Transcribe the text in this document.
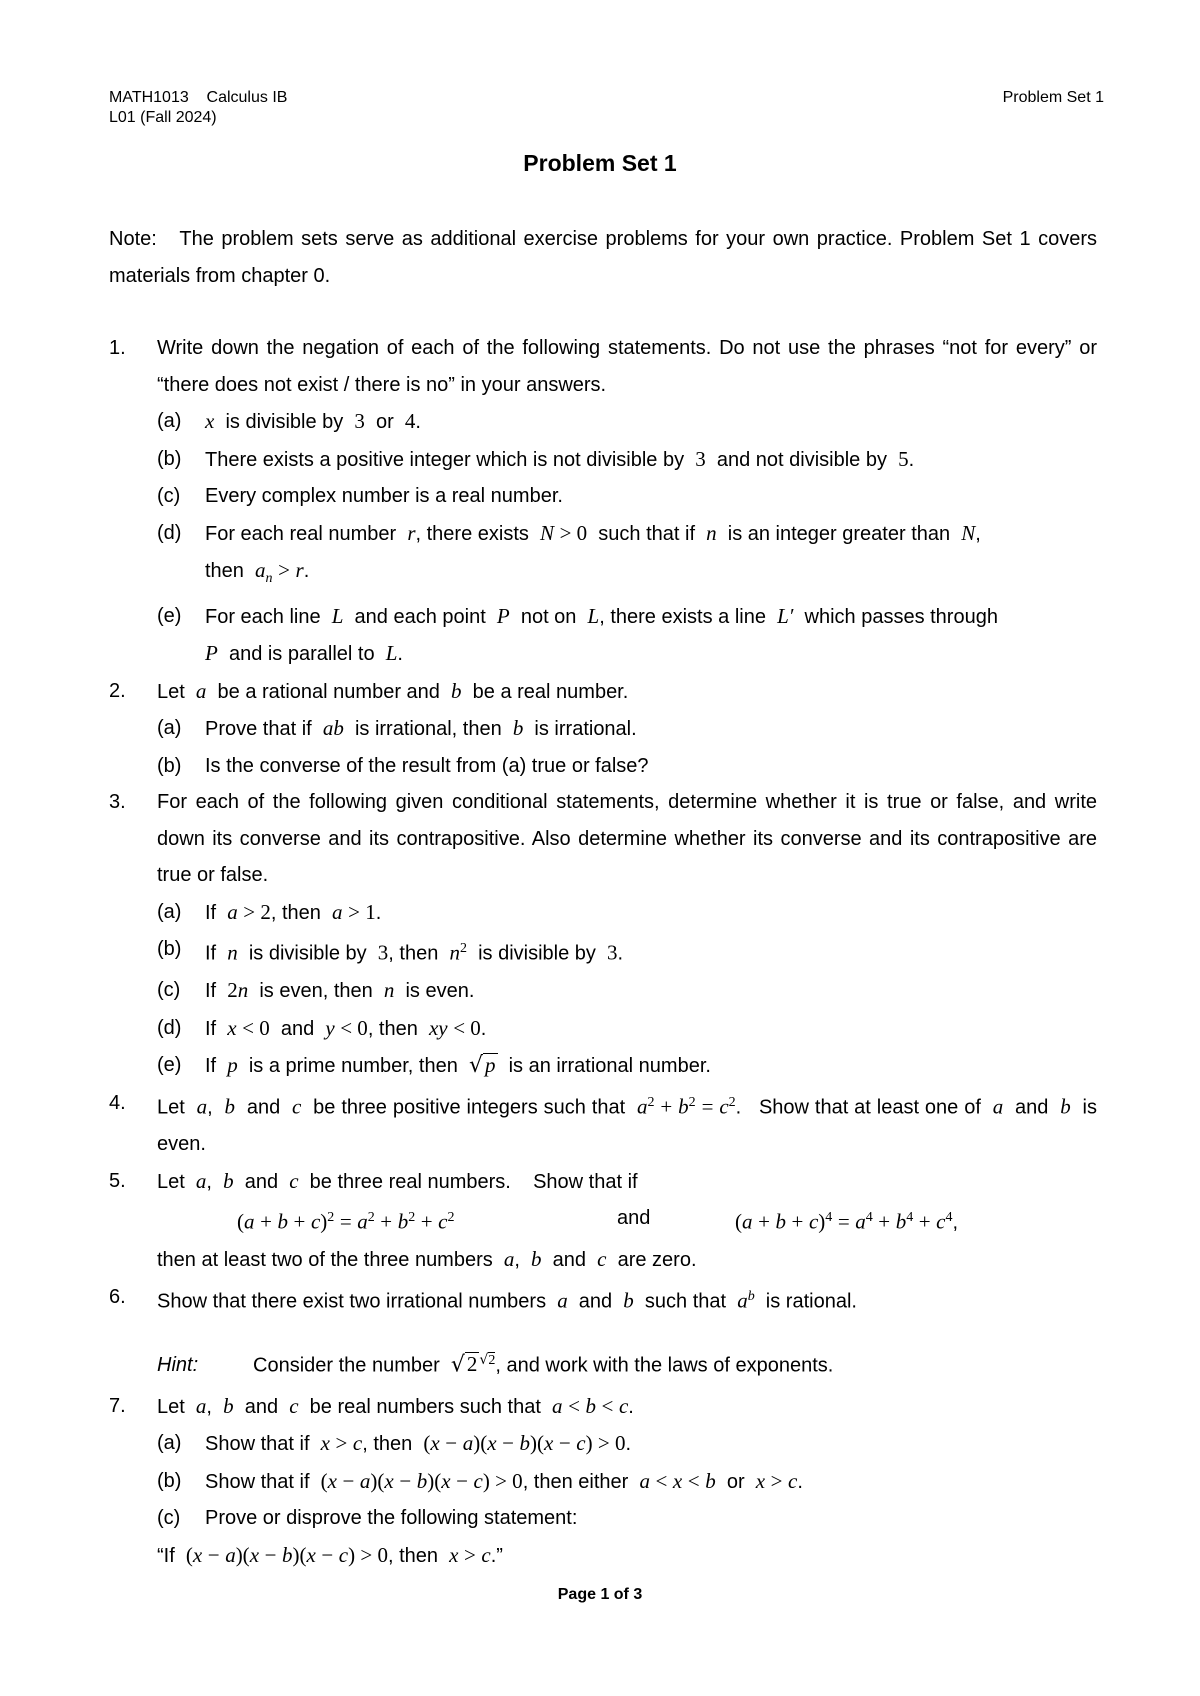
MATH1013 Calculus IB
L01 (Fall 2024)
Problem Set 1
Problem Set 1
Note: The problem sets serve as additional exercise problems for your own practice. Problem Set 1 covers materials from chapter 0.
1.	Write down the negation of each of the following statements. Do not use the phrases “not for every” or “there does not exist / there is no” in your answers.
(a)	x  is divisible by  3  or  4.
(b)	There exists a positive integer which is not divisible by  3  and not divisible by  5.
(c)	Every complex number is a real number.
(d)	For each real number  r, there exists  N > 0  such that if  n  is an integer greater than  N,
then  $a_n > r$.
(e)	For each line  L  and each point  P  not on  L, there exists a line  L′  which passes through
P  and is parallel to  L.
2.	Let  a  be a rational number and  b  be a real number.
(a)	Prove that if  ab  is irrational, then  b  is irrational.
(b)	Is the converse of the result from (a) true or false?
3.	For each of the following given conditional statements, determine whether it is true or false, and write down its converse and its contrapositive. Also determine whether its converse and its contrapositive are true or false.
(a)	If  a > 2, then  a > 1.
(b)	If  n  is divisible by  3, then  $n^2$  is divisible by  3.
(c)	If  2n  is even, then  n  is even.
(d)	If  x < 0  and  y < 0, then  xy < 0.
(e)	If  p  is a prime number, then  √p  is an irrational number.
4.	Let  a,  b  and  c  be three positive integers such that  $a^2 + b^2 = c^2$.   Show that at least one of  a  and  b  is even.
5.	Let  a,  b  and  c  be three real numbers.    Show that if
$(a + b + c)^2 = a^2 + b^2 + c^2$	and	$(a + b + c)^4 = a^4 + b^4 + c^4$,
then at least two of the three numbers  a,  b  and  c  are zero.
6.	Show that there exist two irrational numbers  a  and  b  such that  $a^b$  is rational.
Hint:	Consider the number  √2 $^{√2}$, and work with the laws of exponents.
7.	Let  a,  b  and  c  be real numbers such that  a < b < c.
(a)	Show that if  x > c, then  (x − a)(x − b)(x − c) > 0.
(b)	Show that if  (x − a)(x − b)(x − c) > 0, then either  a < x < b  or  x > c.
(c)	Prove or disprove the following statement:
“If  (x − a)(x − b)(x − c) > 0, then  x > c.”
Page 1 of 3
